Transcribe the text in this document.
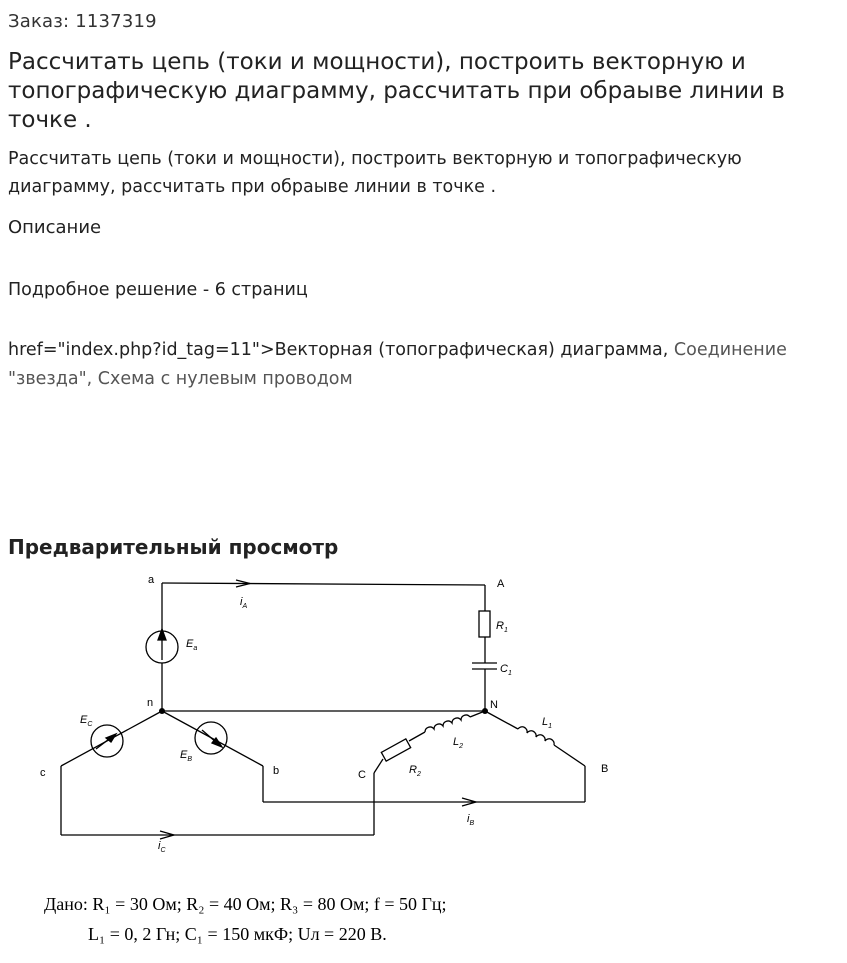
Заказ: 1137319
Рассчитать цепь (токи и мощности), построить векторную и топографическую диаграмму, рассчитать при обраыве линии в точке .

Рассчитать цепь (токи и мощности), построить векторную и топографическую диаграмму, рассчитать при обраыве линии в точке .

Описание
Подробное решение - 6 страниц
href="index.php?id_tag=11">Векторная (топографическая) диаграмма, Соединение "звезда", Схема с нулевым проводом
Предварительный просмотр
a	A
n	N
b	B
c	C
$E_a$
$E_B$
$E_C$
$R_1$
$C_1$
$L_1$
$L_2$
$R_2$
$i_A$
$i_B$
$i_C$
Дано: R₁ = 30 Ом; R₂ = 40 Ом; R₃ = 80 Ом; f = 50 Гц;
L₁ = 0, 2 Гн; C₁ = 150 мкФ; Uл = 220 В.
